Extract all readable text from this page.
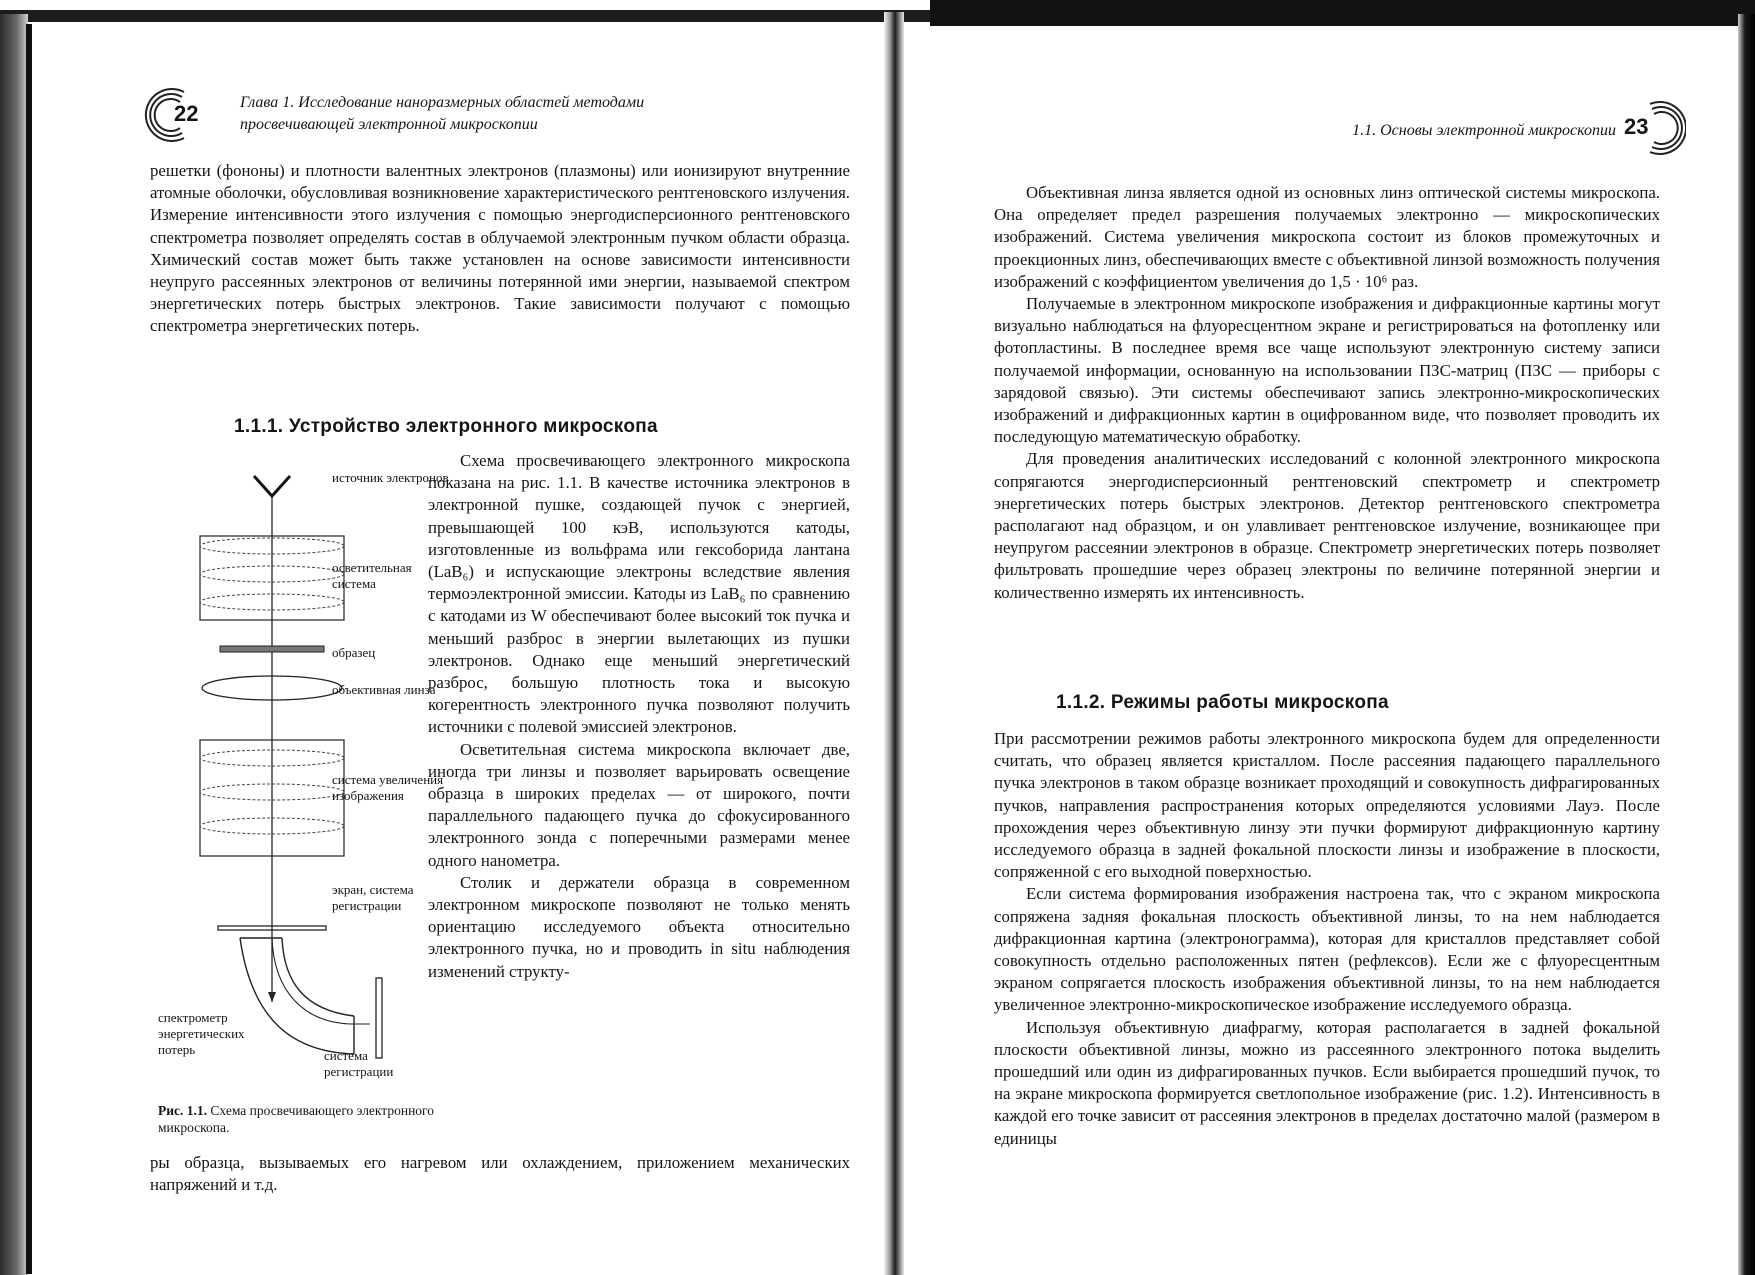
22	Глава 1. Исследование наноразмерных областей методами
просвечивающей электронной микроскопии

решетки (фононы) и плотности валентных электронов (плазмоны) или ионизируют внутренние атомные оболочки, обусловливая возникновение характеристического рентгеновского излучения. Измерение интенсивности этого излучения с помощью энергодисперсионного рентгеновского спектрометра позволяет определять состав в облучаемой электронным пучком области образца. Химический состав может быть также установлен на основе зависимости интенсивности неупруго рассеянных электронов от величины потерянной ими энергии, называемой спектром энергетических потерь быстрых электронов. Такие зависимости получают с помощью спектрометра энергетических потерь.

1.1.1. Устройство электронного микроскопа
источник электронов
осветительная система
образец
объективная линза
система увеличения изображения
экран, система регистрации
спектрометр энергетических потерь	система регистрации
Рис. 1.1. Схема просвечивающего электронного микроскопа.

Схема просвечивающего электронного микроскопа показана на рис. 1.1. В качестве источника электронов в электронной пушке, создающей пучок с энергией, превышающей 100 кэВ, используются катоды, изготовленные из вольфрама или гексоборида лантана (LaB₆) и испускающие электроны вследствие явления термоэлектронной эмиссии. Катоды из LaB₆ по сравнению с катодами из W обеспечивают более высокий ток пучка и меньший разброс в энергии вылетающих из пушки электронов. Однако еще меньший энергетический разброс, большую плотность тока и высокую когерентность электронного пучка позволяют получить источники с полевой эмиссией электронов.

Осветительная система микроскопа включает две, иногда три линзы и позволяет варьировать освещение образца в широких пределах — от широкого, почти параллельного падающего пучка до сфокусированного электронного зонда с поперечными размерами менее одного нанометра.

Столик и держатели образца в современном электронном микроскопе позволяют не только менять ориентацию исследуемого объекта относительно электронного пучка, но и проводить in situ наблюдения изменений структу-

ры образца, вызываемых его нагревом или охлаждением, приложением механических напряжений и т.д.

1.1. Основы электронной микроскопии 23

Объективная линза является одной из основных линз оптической системы микроскопа. Она определяет предел разрешения получаемых электронно — микроскопических изображений. Система увеличения микроскопа состоит из блоков промежуточных и проекционных линз, обеспечивающих вместе с объективной линзой возможность получения изображений с коэффициентом увеличения до 1,5 · 10⁶ раз.

Получаемые в электронном микроскопе изображения и дифракционные картины могут визуально наблюдаться на флуоресцентном экране и регистрироваться на фотопленку или фотопластины. В последнее время все чаще используют электронную систему записи получаемой информации, основанную на использовании ПЗС-матриц (ПЗС — приборы с зарядовой связью). Эти системы обеспечивают запись электронно-микроскопических изображений и дифракционных картин в оцифрованном виде, что позволяет проводить их последующую математическую обработку.

Для проведения аналитических исследований с колонной электронного микроскопа сопрягаются энергодисперсионный рентгеновский спектрометр и спектрометр энергетических потерь быстрых электронов. Детектор рентгеновского спектрометра располагают над образцом, и он улавливает рентгеновское излучение, возникающее при неупругом рассеянии электронов в образце. Спектрометр энергетических потерь позволяет фильтровать прошедшие через образец электроны по величине потерянной энергии и количественно измерять их интенсивность.

1.1.2. Режимы работы микроскопа

При рассмотрении режимов работы электронного микроскопа будем для определенности считать, что образец является кристаллом. После рассеяния падающего параллельного пучка электронов в таком образце возникает проходящий и совокупность дифрагированных пучков, направления распространения которых определяются условиями Лауэ. После прохождения через объективную линзу эти пучки формируют дифракционную картину исследуемого образца в задней фокальной плоскости линзы и изображение в плоскости, сопряженной с его выходной поверхностью.

Если система формирования изображения настроена так, что с экраном микроскопа сопряжена задняя фокальная плоскость объективной линзы, то на нем наблюдается дифракционная картина (электронограмма), которая для кристаллов представляет собой совокупность отдельно расположенных пятен (рефлексов). Если же с флуоресцентным экраном сопрягается плоскость изображения объективной линзы, то на нем наблюдается увеличенное электронно-микроскопическое изображение исследуемого образца.

Используя объективную диафрагму, которая располагается в задней фокальной плоскости объективной линзы, можно из рассеянного электронного потока выделить прошедший или один из дифрагированных пучков. Если выбирается прошедший пучок, то на экране микроскопа формируется светлопольное изображение (рис. 1.2). Интенсивность в каждой его точке зависит от рассеяния электронов в пределах достаточно малой (размером в единицы
